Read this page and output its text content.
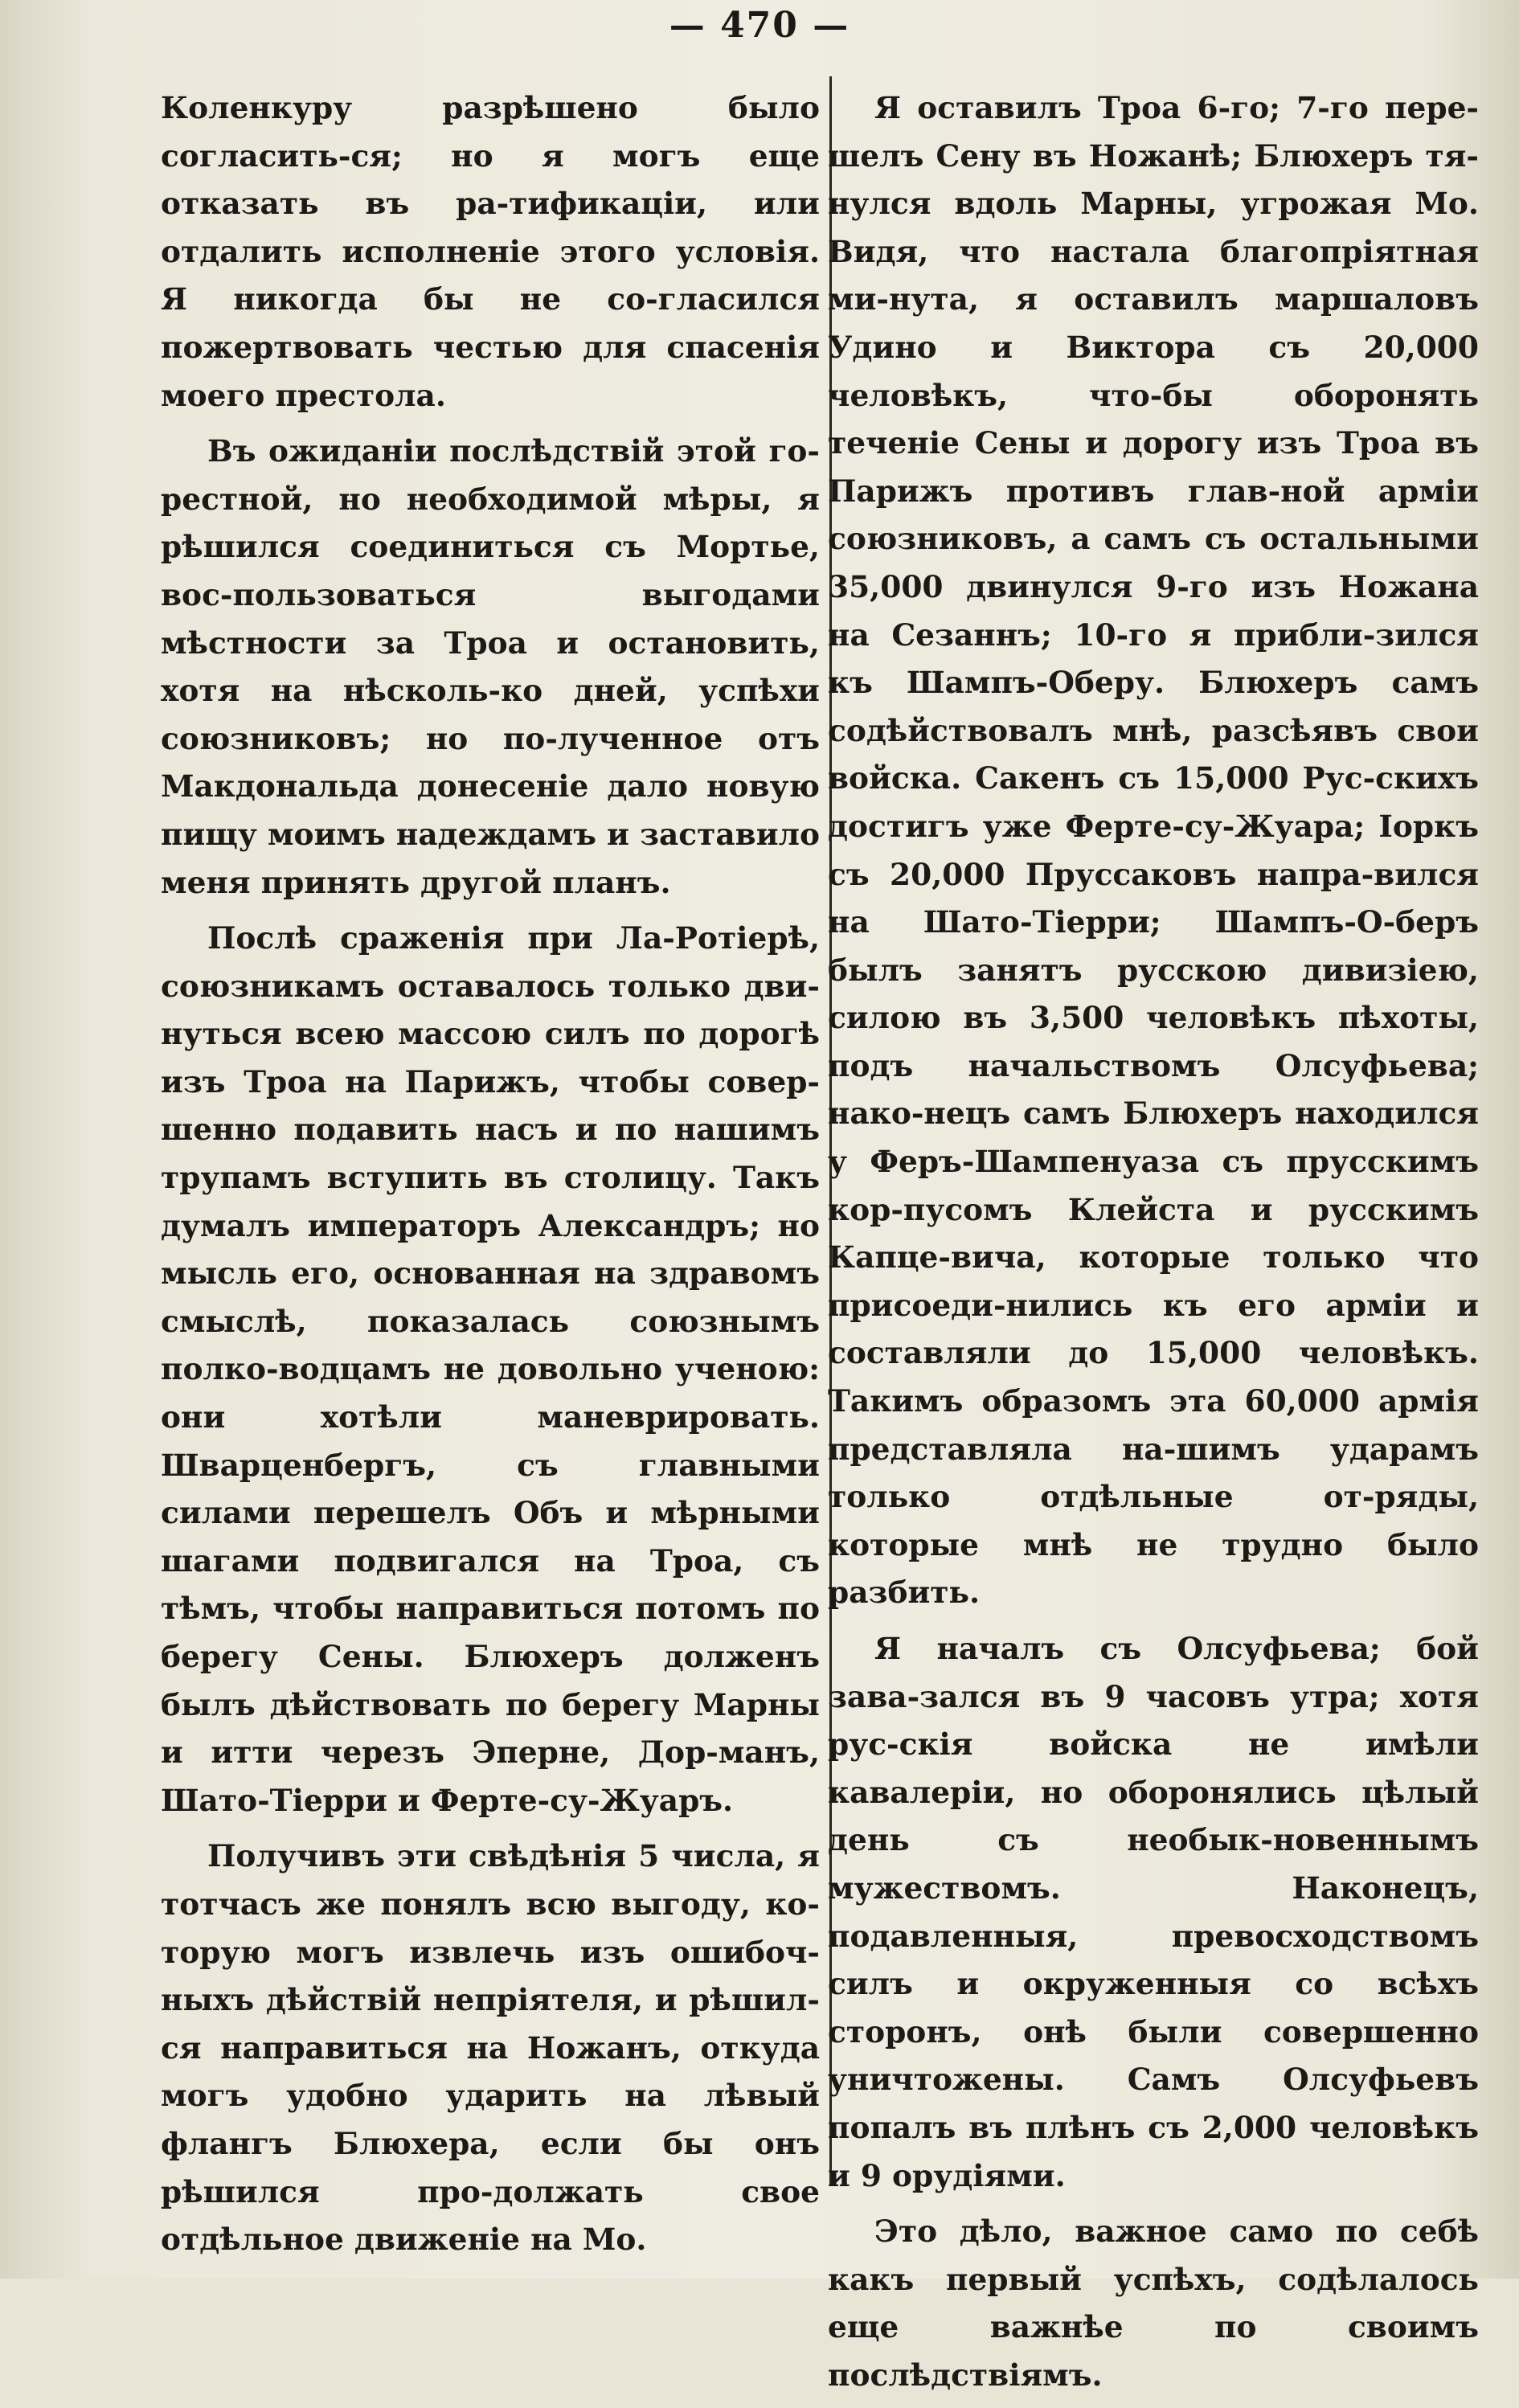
— 470 —

Коленкуру разрѣшено было согласить-ся; но я могъ еще отказать въ ра-тификаціи, или отдалить исполненіе этого условія. Я никогда бы не со-гласился пожертвовать честью для спасенія моего престола.

Въ ожиданіи послѣдствій этой го-рестной, но необходимой мѣры, я рѣшился соединиться съ Мортье, вос-пользоваться выгодами мѣстности за Троа и остановить, хотя на нѣсколь-ко дней, успѣхи союзниковъ; но по-лученное отъ Макдональда донесеніе дало новую пищу моимъ надеждамъ и заставило меня принять другой планъ.

Послѣ сраженія при Ла-Ротіерѣ, союзникамъ оставалось только дви-нуться всею массою силъ по дорогѣ изъ Троа на Парижъ, чтобы совер-шенно подавить насъ и по нашимъ трупамъ вступить въ столицу. Такъ думалъ императоръ Александръ; но мысль его, основанная на здравомъ смыслѣ, показалась союзнымъ полко-водцамъ не довольно ученою: они хотѣли маневрировать. Шварценбергъ, съ главными силами перешелъ Объ и мѣрными шагами подвигался на Троа, съ тѣмъ, чтобы направиться потомъ по берегу Сены. Блюхеръ долженъ былъ дѣйствовать по берегу Марны и итти черезъ Эпернe, Дор-манъ, Шато-Тіерри и Ферте-су-Жуаръ.

Получивъ эти свѣдѣнія 5 числа, я тотчасъ же понялъ всю выгоду, ко-торую могъ извлечь изъ ошибоч-ныхъ дѣйствій непріятеля, и рѣшил-ся направиться на Ножанъ, откуда могъ удобно ударить на лѣвый флангъ Блюхера, если бы онъ рѣшился про-должать свое отдѣльное движеніе на Мо.

Я оставилъ Троа 6-го; 7-го пере-шелъ Сену въ Ножанѣ; Блюхеръ тя-нулся вдоль Марны, угрожая Мо. Видя, что настала благопріятная ми-нута, я оставилъ маршаловъ Удино и Виктора съ 20,000 человѣкъ, что-бы оборонять теченіе Сены и дорогу изъ Троа въ Парижъ противъ глав-ной арміи союзниковъ, а самъ съ остальными 35,000 двинулся 9-го изъ Ножана на Сезаннъ; 10-го я прибли-зился къ Шампъ-Оберу. Блюхеръ самъ содѣйствовалъ мнѣ, разсѣявъ свои войска. Сакенъ съ 15,000 Рус-скихъ достигъ уже Ферте-су-Жуара; Іоркъ съ 20,000 Пруссаковъ напра-вился на Шато-Тіерри; Шампъ-О-беръ былъ занятъ русскою дивизіею, силою въ 3,500 человѣкъ пѣхоты, подъ начальствомъ Олсуфьева; нако-нецъ самъ Блюхеръ находился у Феръ-Шампенуаза съ прусскимъ кор-пусомъ Клейста и русскимъ Капце-вича, которые только что присоеди-нились къ его арміи и составляли до 15,000 человѣкъ. Такимъ образомъ эта 60,000 армія представляла на-шимъ ударамъ только отдѣльные от-ряды, которые мнѣ не трудно было разбить.

Я началъ съ Олсуфьева; бой зава-зался въ 9 часовъ утра; хотя рус-скія войска не имѣли кавалеріи, но оборонялись цѣлый день съ необык-новеннымъ мужествомъ. Наконецъ, подавленныя, превосходствомъ силъ и окруженныя со всѣхъ сторонъ, онѣ были совершенно уничтожены. Самъ Олсуфьевъ попалъ въ плѣнъ съ 2,000 человѣкъ и 9 орудіями.

Это дѣло, важное само по себѣ какъ первый успѣхъ, содѣлалось еще важнѣе по своимъ послѣдствіямъ.
